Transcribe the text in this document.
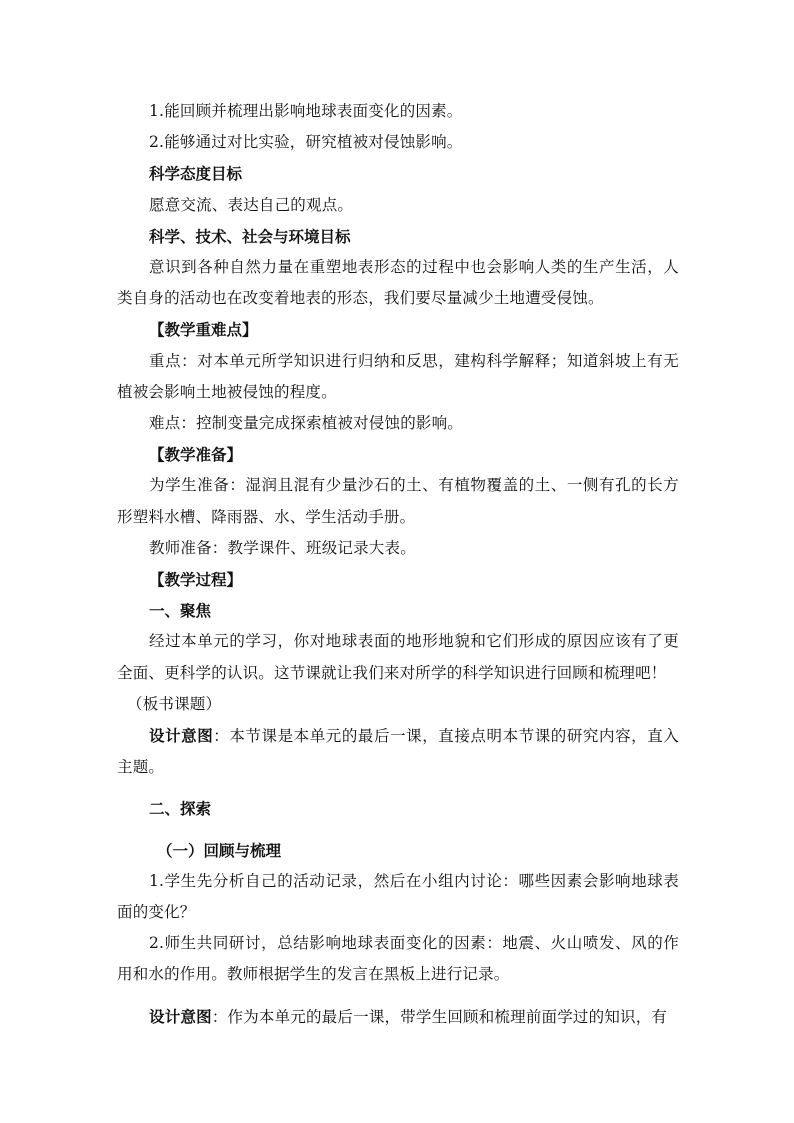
1.能回顾并梳理出影响地球表面变化的因素。

2.能够通过对比实验，研究植被对侵蚀影响。

科学态度目标

愿意交流、表达自己的观点。

科学、技术、社会与环境目标

意识到各种自然力量在重塑地表形态的过程中也会影响人类的生产生活，人类自身的活动也在改变着地表的形态，我们要尽量减少土地遭受侵蚀。

【教学重难点】

重点：对本单元所学知识进行归纳和反思，建构科学解释；知道斜坡上有无植被会影响土地被侵蚀的程度。

难点：控制变量完成探索植被对侵蚀的影响。

【教学准备】

为学生准备：湿润且混有少量沙石的土、有植物覆盖的土、一侧有孔的长方形塑料水槽、降雨器、水、学生活动手册。

教师准备：教学课件、班级记录大表。

【教学过程】

一、聚焦

经过本单元的学习，你对地球表面的地形地貌和它们形成的原因应该有了更全面、更科学的认识。这节课就让我们来对所学的科学知识进行回顾和梳理吧！

（板书课题）

设计意图：本节课是本单元的最后一课，直接点明本节课的研究内容，直入主题。

二、探索

（一）回顾与梳理

1.学生先分析自己的活动记录，然后在小组内讨论：哪些因素会影响地球表面的变化？

2.师生共同研讨，总结影响地球表面变化的因素：地震、火山喷发、风的作用和水的作用。教师根据学生的发言在黑板上进行记录。

设计意图：作为本单元的最后一课，带学生回顾和梳理前面学过的知识，有
